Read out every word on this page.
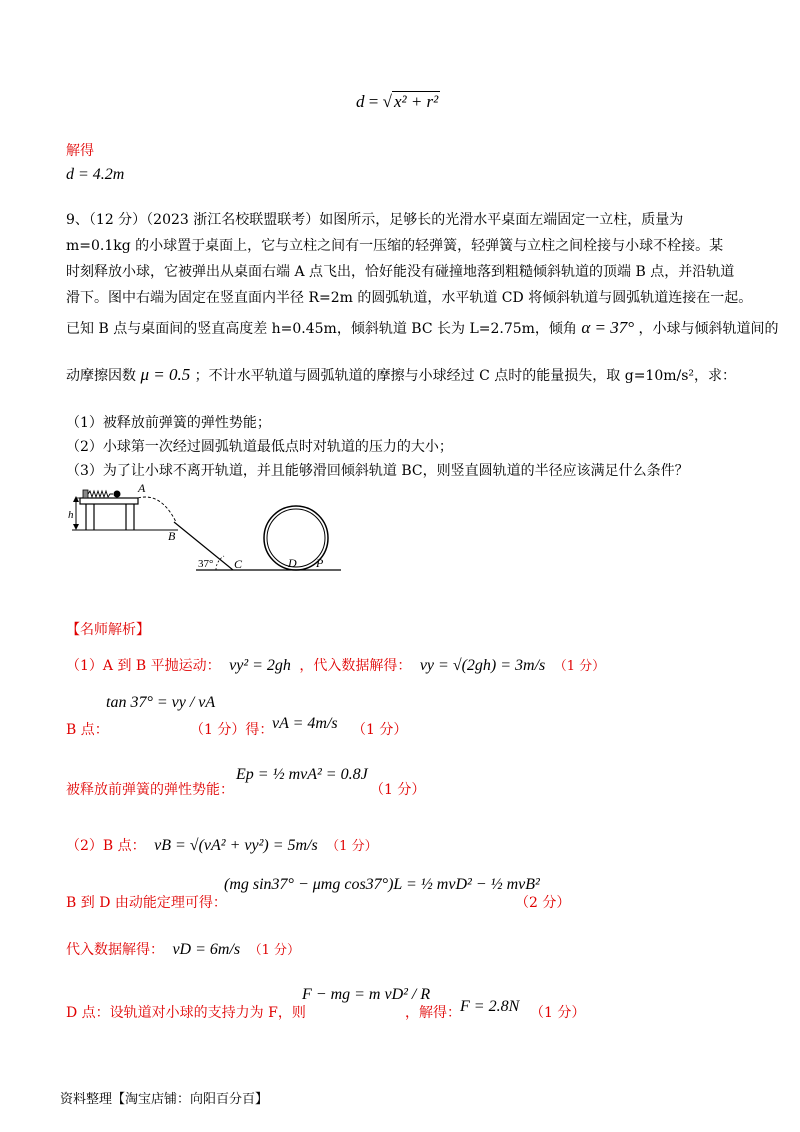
d = √ x² + r²
解得
d = 4.2m
9、（12 分）（2023 浙江名校联盟联考）如图所示，足够长的光滑水平桌面左端固定一立柱，质量为
m=0.1kg 的小球置于桌面上，它与立柱之间有一压缩的轻弹簧，轻弹簧与立柱之间栓接与小球不栓接。某
时刻释放小球，它被弹出从桌面右端 A 点飞出，恰好能没有碰撞地落到粗糙倾斜轨道的顶端 B 点，并沿轨道
滑下。图中右端为固定在竖直面内半径 R=2m 的圆弧轨道，水平轨道 CD 将倾斜轨道与圆弧轨道连接在一起。
已知 B 点与桌面间的竖直高度差 h=0.45m，倾斜轨道 BC 长为 L=2.75m，倾角 α = 37° ，小球与倾斜轨道间的
动摩擦因数 μ = 0.5 ；不计水平轨道与圆弧轨道的摩擦与小球经过 C 点时的能量损失，取 g=10m/s²，求：
（1）被释放前弹簧的弹性势能；
（2）小球第一次经过圆弧轨道最低点时对轨道的压力的大小；
（3）为了让小球不离开轨道，并且能够滑回倾斜轨道 BC，则竖直圆轨道的半径应该满足什么条件？
h
A
B
37° C	D P
【名师解析】
（1）A 到 B 平抛运动： vy² = 2gh ，代入数据解得： vy = √(2gh) = 3m/s （1 分）
B 点：
tan 37° = vy / vA
（1 分）得：
vA = 4m/s （1 分）
被释放前弹簧的弹性势能：
Ep = ½ mvA² = 0.8J
（1 分）
（2）B 点： vB = √(vA² + vy²) = 5m/s （1 分）
B 到 D 由动能定理可得：
(mg sin37° − μmg cos37°)L = ½ mvD² − ½ mvB²
（2 分）
代入数据解得： vD = 6m/s （1 分）
D 点：设轨道对小球的支持力为 F，则
F − mg = m vD² / R
，解得： F = 2.8N （1 分）
资料整理【淘宝店铺：向阳百分百】
